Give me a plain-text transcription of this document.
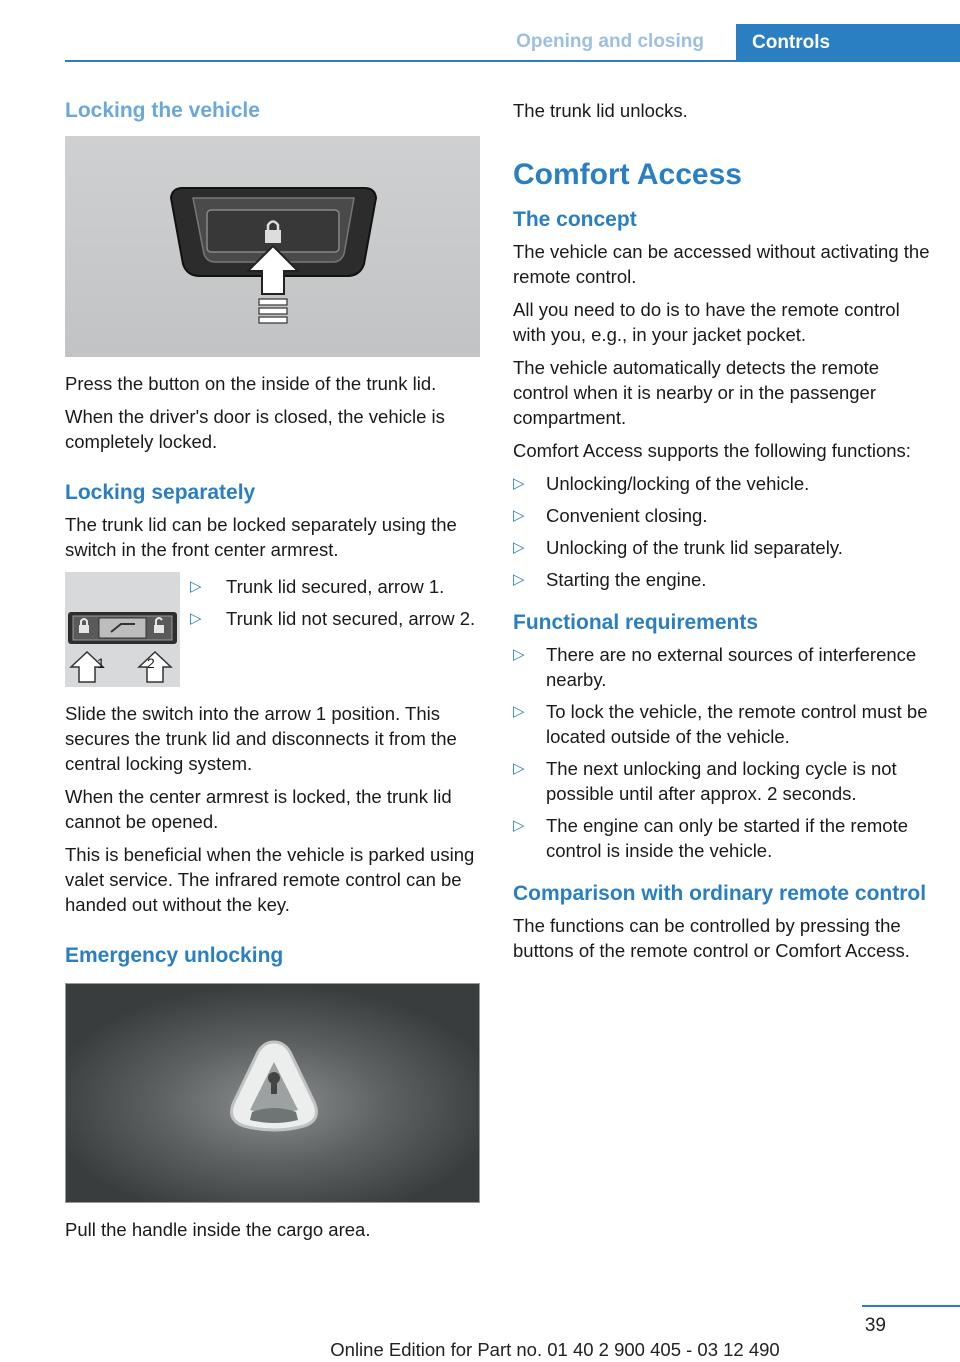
Opening and closing	Controls
Locking the vehicle

Press the button on the inside of the trunk lid.

When the driver's door is closed, the vehicle is completely locked.

Locking separately

The trunk lid can be locked separately using the switch in the front center armrest.

1	2
▷ Trunk lid secured, arrow 1.
▷ Trunk lid not secured, arrow 2.

Slide the switch into the arrow 1 position. This secures the trunk lid and disconnects it from the central locking system.

When the center armrest is locked, the trunk lid cannot be opened.

This is beneficial when the vehicle is parked using valet service. The infrared remote control can be handed out without the key.

Emergency unlocking

Pull the handle inside the cargo area.

The trunk lid unlocks.

Comfort Access
The concept

The vehicle can be accessed without activating the remote control.

All you need to do is to have the remote control with you, e.g., in your jacket pocket.

The vehicle automatically detects the remote control when it is nearby or in the passenger compartment.

Comfort Access supports the following functions:

▷ Unlocking/locking of the vehicle.
▷ Convenient closing.
▷ Unlocking of the trunk lid separately.
▷ Starting the engine.
Functional requirements
▷ There are no external sources of interference nearby.
▷ To lock the vehicle, the remote control must be located outside of the vehicle.
▷ The next unlocking and locking cycle is not possible until after approx. 2 seconds.
▷ The engine can only be started if the remote control is inside the vehicle.
Comparison with ordinary remote control

The functions can be controlled by pressing the buttons of the remote control or Comfort Access.

39
Online Edition for Part no. 01 40 2 900 405 - 03 12 490
